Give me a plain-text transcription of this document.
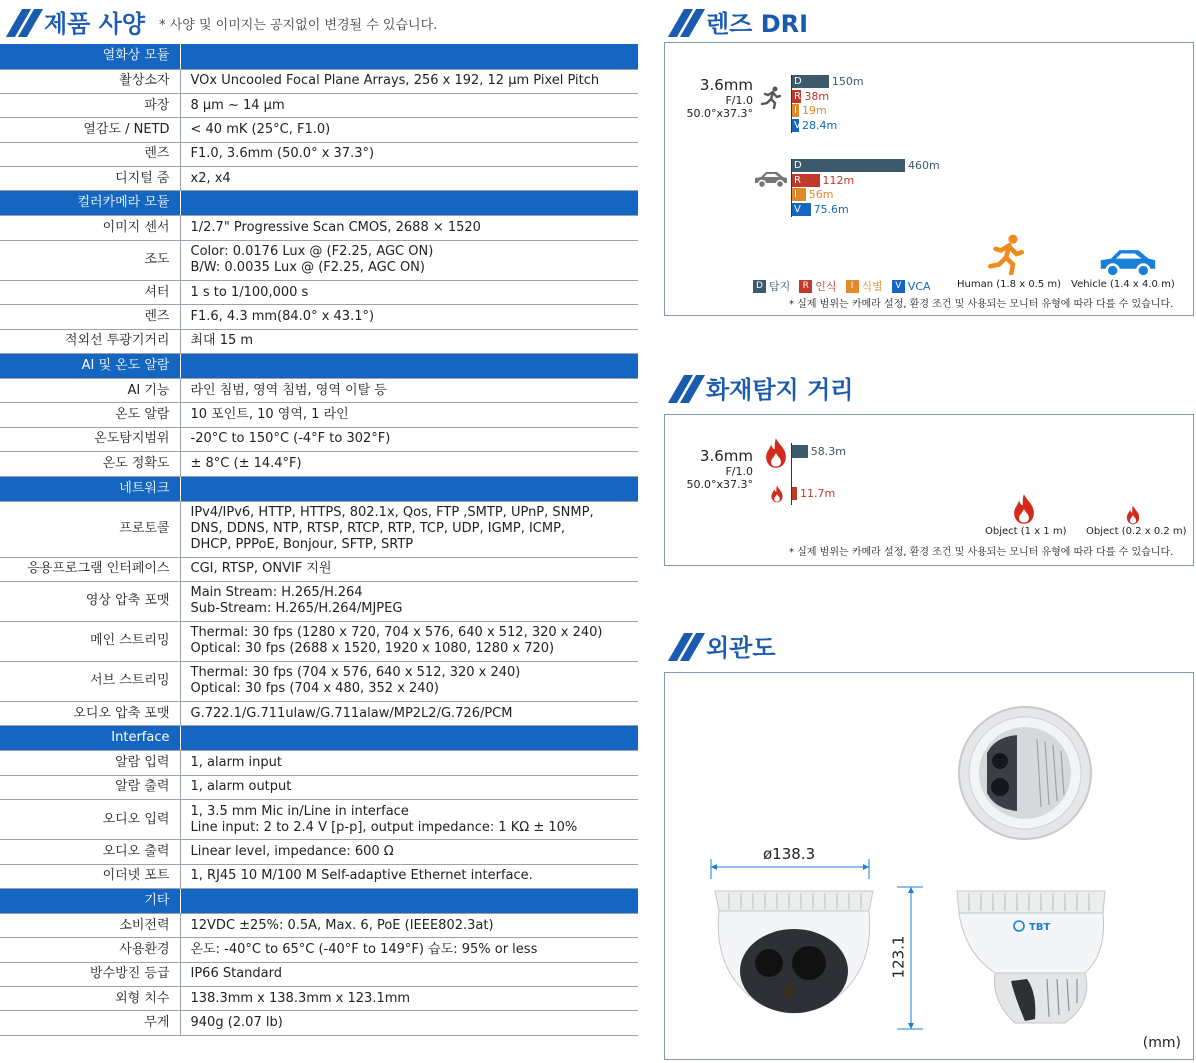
제품 사양 * 사양 및 이미지는 공지없이 변경될 수 있습니다.
열화상 모듈	
촬상소자	VOx Uncooled Focal Plane Arrays, 256 x 192, 12 μm Pixel Pitch

파장	8 μm ~ 14 μm

열감도 / NETD	< 40 mK (25°C, F1.0)

렌즈	F1.0, 3.6mm (50.0° x 37.3°)

디지털 줌	x2, x4

컬러카메라 모듈	
이미지 센서	1/2.7" Progressive Scan CMOS, 2688 × 1520

조도	Color: 0.0176 Lux @ (F2.25, AGC ON)
B/W: 0.0035 Lux @ (F2.25, AGC ON)

셔터	1 s to 1/100,000 s

렌즈	F1.6, 4.3 mm(84.0° x 43.1°)

적외선 투광기거리	최대 15 m

AI 및 온도 알람	
AI 기능	라인 침범, 영역 침범, 영역 이탈 등

온도 알람	10 포인트, 10 영역, 1 라인

온도탐지범위	-20°C to 150°C (-4°F to 302°F)

온도 정확도	± 8°C (± 14.4°F)

네트워크	
프로토콜	IPv4/IPv6, HTTP, HTTPS, 802.1x, Qos, FTP ,SMTP, UPnP, SNMP,
DNS, DDNS, NTP, RTSP, RTCP, RTP, TCP, UDP, IGMP, ICMP,
DHCP, PPPoE, Bonjour, SFTP, SRTP

응용프로그램 인터페이스	CGI, RTSP, ONVIF 지원

영상 압축 포맷	Main Stream: H.265/H.264
Sub-Stream: H.265/H.264/MJPEG

메인 스트리밍	Thermal: 30 fps (1280 x 720, 704 x 576, 640 x 512, 320 x 240)
Optical: 30 fps (2688 x 1520, 1920 x 1080, 1280 x 720)

서브 스트리밍	Thermal: 30 fps (704 x 576, 640 x 512, 320 x 240)
Optical: 30 fps (704 x 480, 352 x 240)

오디오 압축 포맷	G.722.1/G.711ulaw/G.711alaw/MP2L2/G.726/PCM

Interface	
알람 입력	1, alarm input

알람 출력	1, alarm output

오디오 입력	1, 3.5 mm Mic in/Line in interface
Line input: 2 to 2.4 V [p-p], output impedance: 1 KΩ ± 10%

오디오 출력	Linear level, impedance: 600 Ω

이더넷 포트	1, RJ45 10 M/100 M Self-adaptive Ethernet interface.

기타	
소비전력	12VDC ±25%: 0.5A, Max. 6, PoE (IEEE802.3at)

사용환경	온도: -40°C to 65°C (-40°F to 149°F) 습도: 95% or less

방수방진 등급	IP66 Standard

외형 치수	138.3mm x 138.3mm x 123.1mm

무게	940g (2.07 lb)
렌즈 DRI
3.6mm
F/1.0
50.0°x37.3°
D	150m
R 38m
I 19m
V 28.4m
D	460m
R	112m
I	56m
V	75.6m
Human (1.8 x 0.5 m) Vehicle (1.4 x 4.0 m)
D 탐지	R 인식	I 식별	V VCA
* 실제 범위는 카메라 설정, 환경 조건 및 사용되는 모니터 유형에 따라 다를 수 있습니다.
화재탐지 거리
3.6mm
F/1.0
50.0°x37.3°
58.3m
11.7m
Object (1 x 1 m) Object (0.2 x 0.2 m)
* 실제 범위는 카메라 설정, 환경 조건 및 사용되는 모니터 유형에 따라 다를 수 있습니다.
외관도
ø138.3
123.1
TBT
(mm)
